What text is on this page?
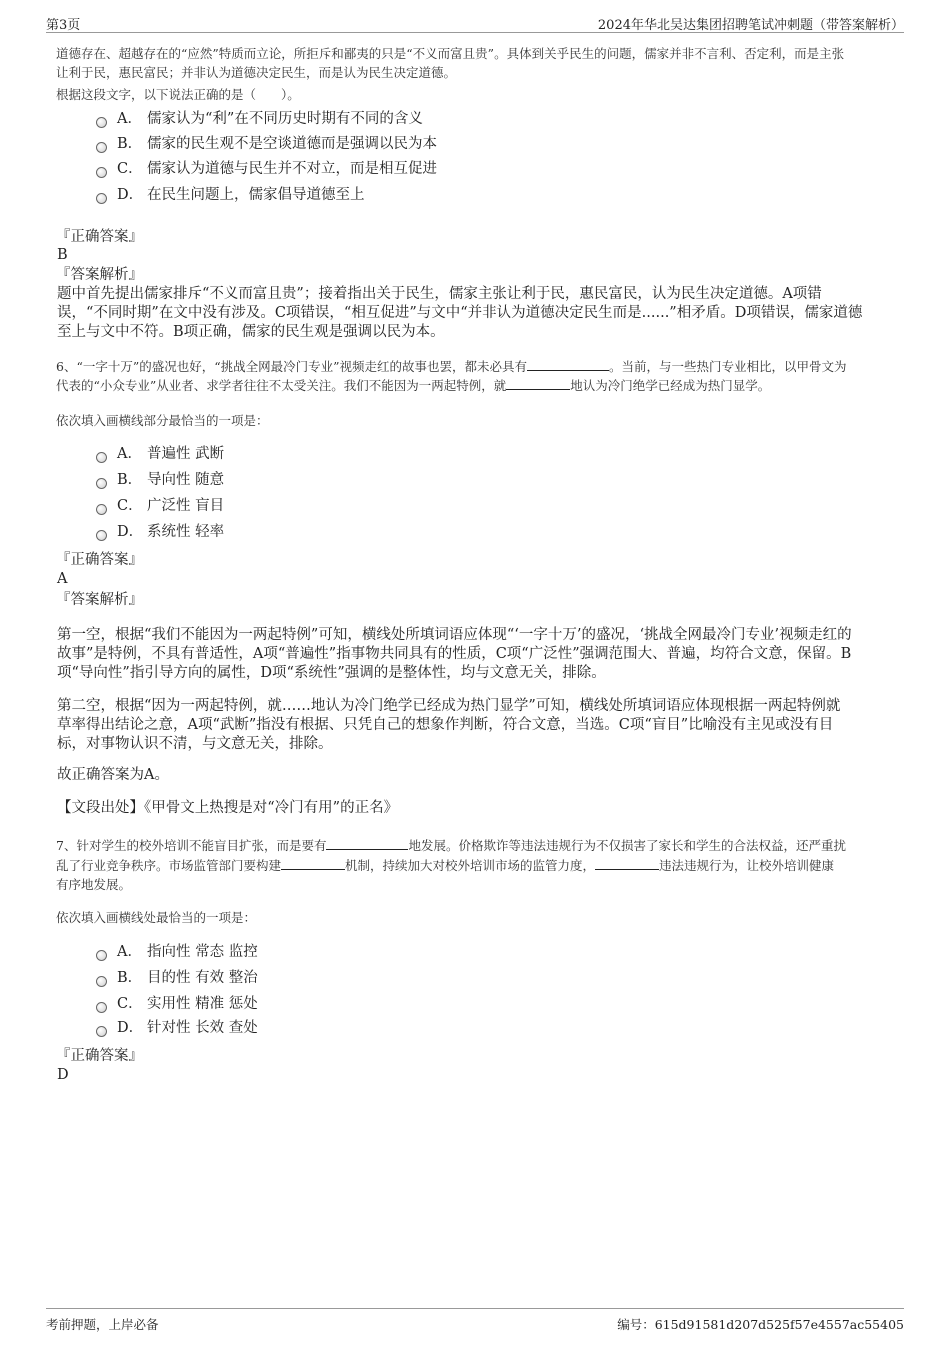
第3页	2024年华北吴达集团招聘笔试冲刺题（带答案解析）
道德存在、超越存在的“应然”特质而立论，所拒斥和鄙夷的只是“不义而富且贵”。具体到关乎民生的问题，儒家并非不言利、否定利，而是主张
让利于民，惠民富民；并非认为道德决定民生，而是认为民生决定道德。
根据这段文字，以下说法正确的是（　　）。
A． 儒家认为“利”在不同历史时期有不同的含义
B． 儒家的民生观不是空谈道德而是强调以民为本
C． 儒家认为道德与民生并不对立，而是相互促进
D． 在民生问题上，儒家倡导道德至上
『正确答案』
B
『答案解析』
题中首先提出儒家排斥“不义而富且贵”；接着指出关于民生，儒家主张让利于民，惠民富民，认为民生决定道德。A项错
误，“不同时期”在文中没有涉及。C项错误，“相互促进”与文中“并非认为道德决定民生而是......”相矛盾。D项错误，儒家道德
至上与文中不符。B项正确，儒家的民生观是强调以民为本。
6、“一字十万”的盛况也好，“挑战全网最冷门专业”视频走红的故事也罢，都未必具有	。当前，与一些热门专业相比，以甲骨文为
代表的“小众专业”从业者、求学者往往不太受关注。我们不能因为一两起特例，就	地认为冷门绝学已经成为热门显学。
依次填入画横线部分最恰当的一项是：
A． 普遍性 武断
B． 导向性 随意
C． 广泛性 盲目
D． 系统性 轻率
『正确答案』
A
『答案解析』
第一空，根据“我们不能因为一两起特例”可知，横线处所填词语应体现“‘一字十万’的盛况，‘挑战全网最冷门专业’视频走红的
故事”是特例，不具有普适性，A项“普遍性”指事物共同具有的性质，C项“广泛性”强调范围大、普遍，均符合文意，保留。B
项“导向性”指引导方向的属性，D项“系统性”强调的是整体性，均与文意无关，排除。
第二空，根据“因为一两起特例，就……地认为冷门绝学已经成为热门显学”可知，横线处所填词语应体现根据一两起特例就
草率得出结论之意，A项“武断”指没有根据、只凭自己的想象作判断，符合文意，当选。C项“盲目”比喻没有主见或没有目
标，对事物认识不清，与文意无关，排除。
故正确答案为A。
【文段出处】《甲骨文上热搜是对“冷门有用”的正名》
7、针对学生的校外培训不能盲目扩张，而是要有	地发展。价格欺诈等违法违规行为不仅损害了家长和学生的合法权益，还严重扰
乱了行业竞争秩序。市场监管部门要构建	机制，持续加大对校外培训市场的监管力度，	违法违规行为，让校外培训健康
有序地发展。
依次填入画横线处最恰当的一项是：
A． 指向性 常态 监控
B． 目的性 有效 整治
C． 实用性 精准 惩处
D． 针对性 长效 查处
『正确答案』
D
考前押题，上岸必备	编号：615d91581d207d525f57e4557ac55405
